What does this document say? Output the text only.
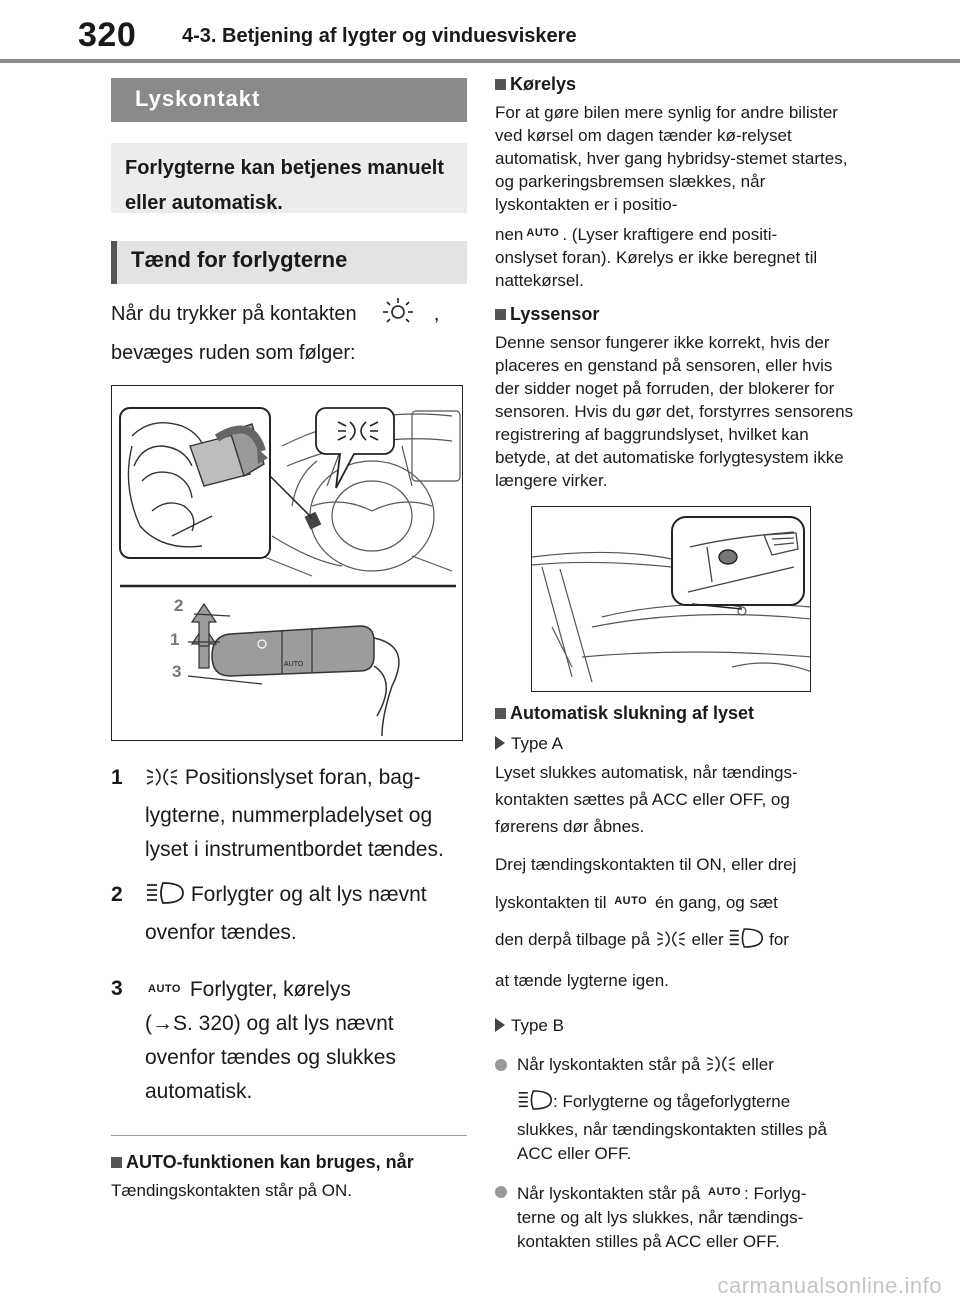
320 4-3. Betjening af lygter og vinduesviskere
Lyskontakt
Forlygterne kan betjenes manuelt eller automatisk.
Tænd for forlygterne
Når du trykker på kontakten	,
bevæges ruden som følger:
AUTO
2
1
3
1	Positionslyset foran, bag-
lygterne, nummerpladelyset og
lyset i instrumentbordet tændes.
2	Forlygter og alt lys nævnt
ovenfor tændes.
3 AUTO Forlygter, kørelys
(→S. 320) og alt lys nævnt
ovenfor tændes og slukkes
automatisk.
AUTO-funktionen kan bruges, når
Tændingskontakten står på ON.
Kørelys
For at gøre bilen mere synlig for andre bilister ved kørsel om dagen tænder kø-relyset automatisk, hver gang hybridsy-stemet startes, og parkeringsbremsen slækkes, når lyskontakten er i positio-
nen $^{AUTO}$ . (Lyser kraftigere end positi-
onslyset foran). Kørelys er ikke beregnet til nattekørsel.
Lyssensor
Denne sensor fungerer ikke korrekt, hvis der placeres en genstand på sensoren, eller hvis der sidder noget på forruden, der blokerer for sensoren. Hvis du gør det, forstyrres sensorens registrering af baggrundslyset, hvilket kan betyde, at det automatiske forlygtesystem ikke længere virker.
Automatisk slukning af lyset
Type A
Lyset slukkes automatisk, når tændings-
kontakten sættes på ACC eller OFF, og
førerens dør åbnes.
Drej tændingskontakten til ON, eller drej
lyskontakten til $^{AUTO}$ én gang, og sæt
den derpå tilbage på eller	for
at tænde lygterne igen.
Type B
Når lyskontakten står på eller
: Forlygterne og tågeforlygterne slukkes, når tændingskontakten stilles på ACC eller OFF.
Når lyskontakten står på $^{AUTO}$ : Forlyg-
terne og alt lys slukkes, når tændings-kontakten stilles på ACC eller OFF.
carmanualsonline.info
